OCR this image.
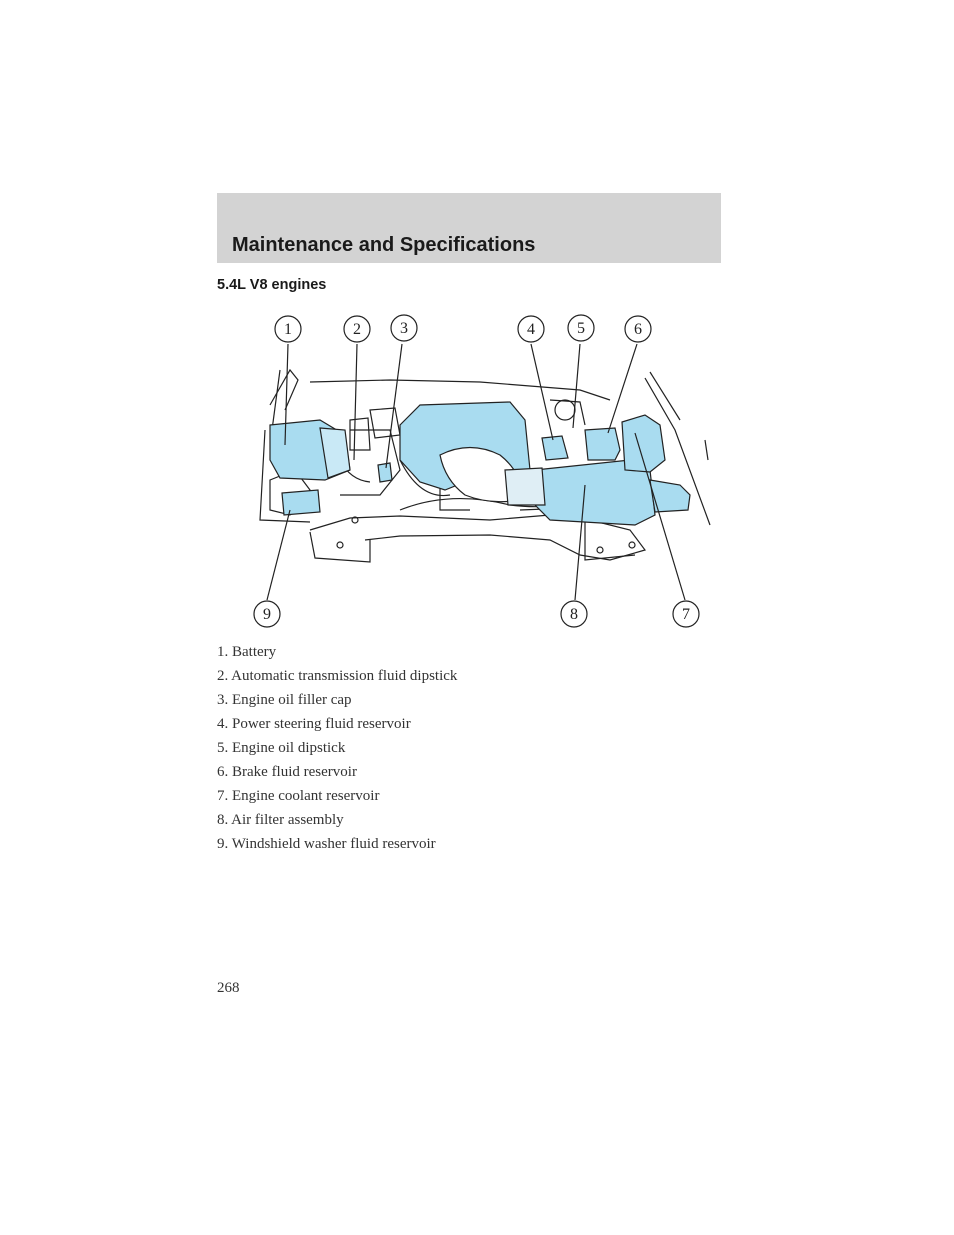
Maintenance and Specifications
5.4L V8 engines
1	2 3	4	5	6
7
8
9
1. Battery
2. Automatic transmission fluid dipstick
3. Engine oil filler cap
4. Power steering fluid reservoir
5. Engine oil dipstick
6. Brake fluid reservoir
7. Engine coolant reservoir
8. Air filter assembly
9. Windshield washer fluid reservoir
268
